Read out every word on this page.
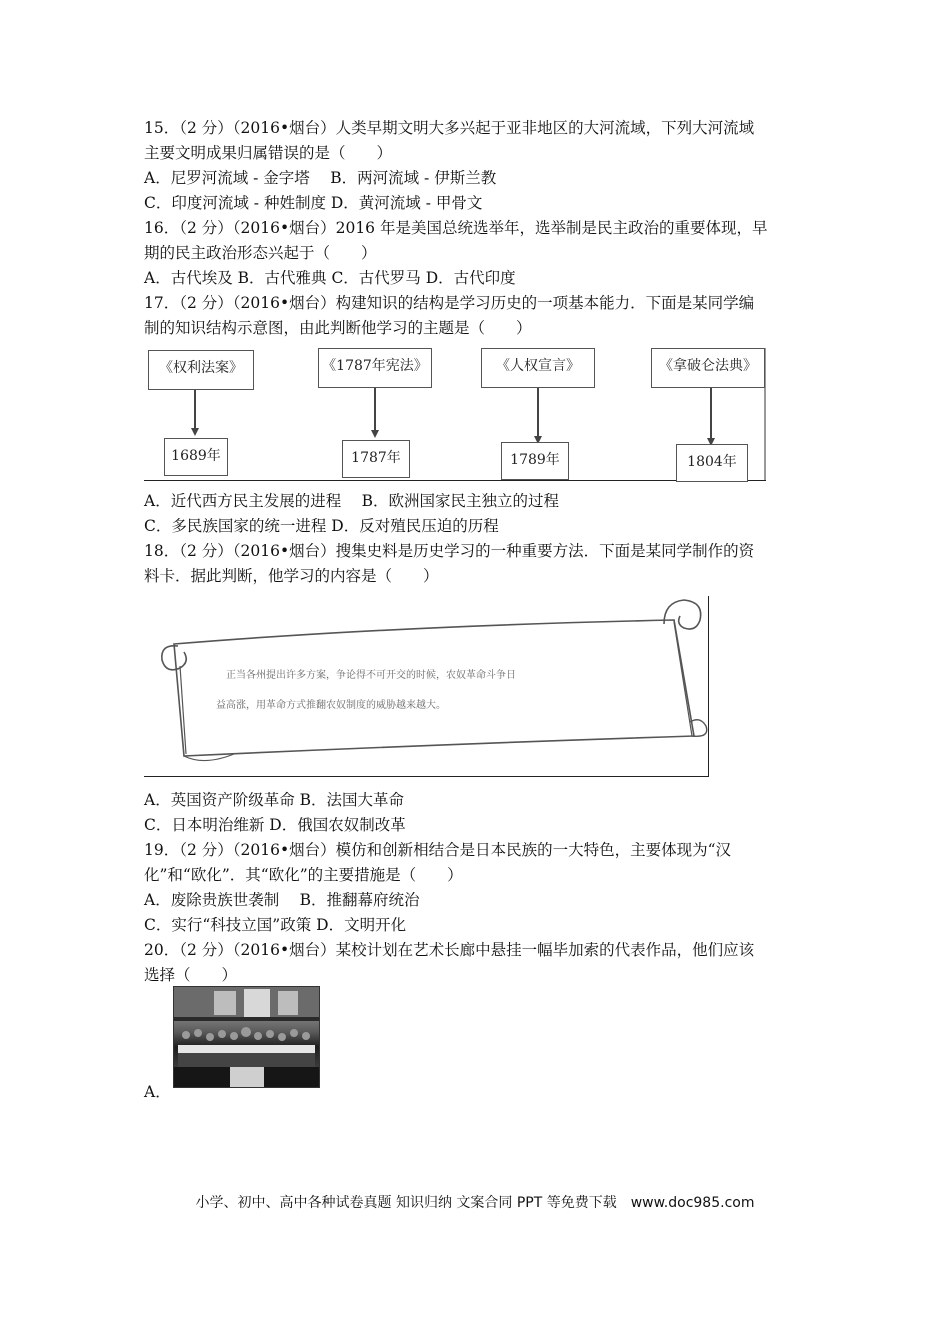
15．（2 分）（2016•烟台）人类早期文明大多兴起于亚非地区的大河流域，下列大河流域
主要文明成果归属错误的是（　　）
A．尼罗河流域 - 金字塔　 B．两河流域 - 伊斯兰教
C．印度河流域 - 种姓制度 D．黄河流域 - 甲骨文
16．（2 分）（2016•烟台）2016 年是美国总统选举年，选举制是民主政治的重要体现，早
期的民主政治形态兴起于（　　）
A．古代埃及 B．古代雅典 C．古代罗马 D．古代印度
17．（2 分）（2016•烟台）构建知识的结构是学习历史的一项基本能力．下面是某同学编
制的知识结构示意图，由此判断他学习的主题是（　　）
《权利法案》	《1787年宪法》	《人权宣言》	《拿破仑法典》
1689年	1787年	1789年	1804年
A．近代西方民主发展的进程　 B．欧洲国家民主独立的过程
C．多民族国家的统一进程 D．反对殖民压迫的历程
18．（2 分）（2016•烟台）搜集史料是历史学习的一种重要方法．下面是某同学制作的资
料卡．据此判断，他学习的内容是（　　）
正当各州提出许多方案，争论得不可开交的时候，农奴革命斗争日
益高涨，用革命方式推翻农奴制度的威胁越来越大。
A．英国资产阶级革命 B．法国大革命
C．日本明治维新 D．俄国农奴制改革
19．（2 分）（2016•烟台）模仿和创新相结合是日本民族的一大特色，主要体现为“汉
化”和“欧化”．其“欧化”的主要措施是（　　）
A．废除贵族世袭制　 B．推翻幕府统治
C．实行“科技立国”政策 D．文明开化
20．（2 分）（2016•烟台）某校计划在艺术长廊中悬挂一幅毕加索的代表作品，他们应该
选择（　　）
A．
小学、初中、高中各种试卷真题 知识归纳 文案合同 PPT 等免费下载　www.doc985.com
